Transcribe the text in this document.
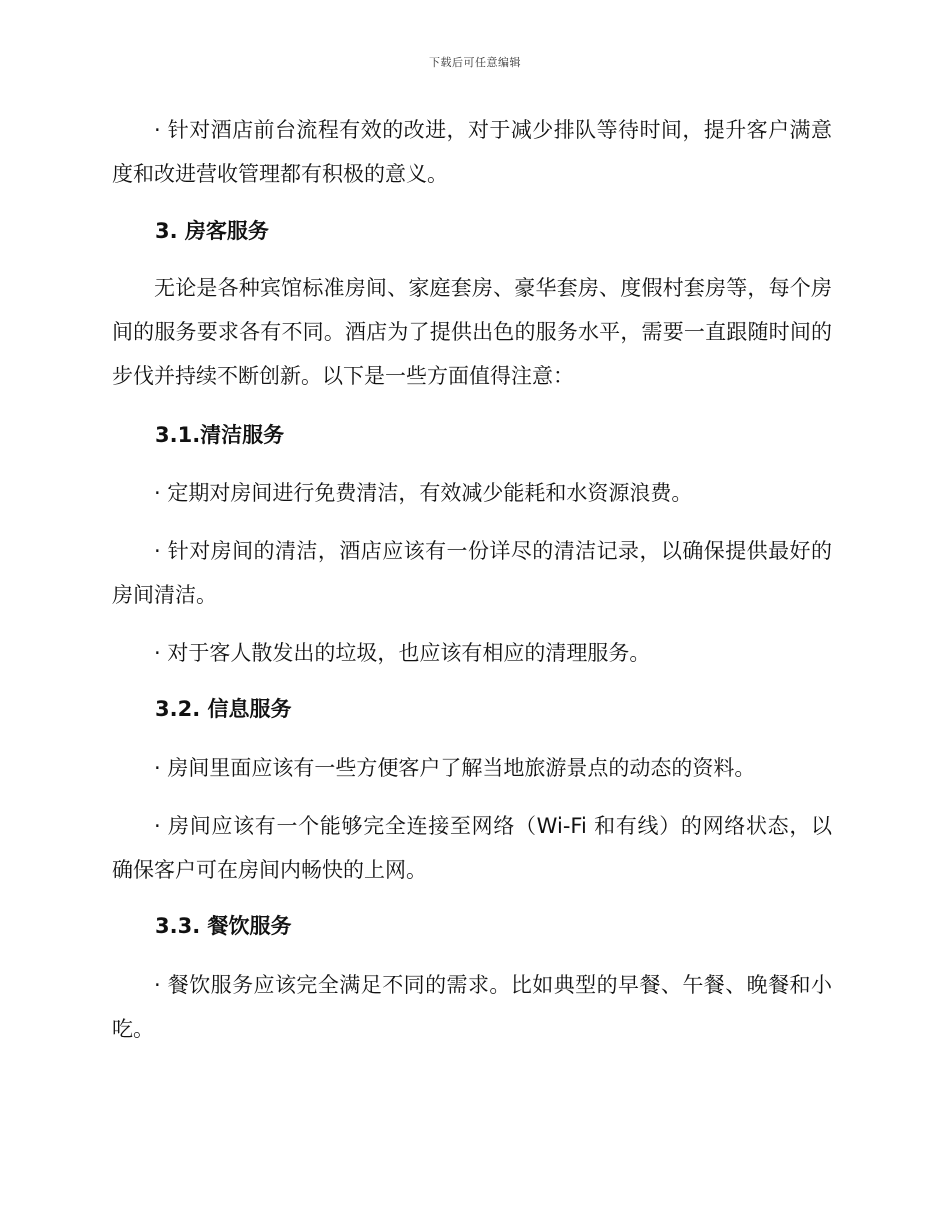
下载后可任意编辑

· 针对酒店前台流程有效的改进，对于减少排队等待时间，提升客户满意度和改进营收管理都有积极的意义。

3. 房客服务

无论是各种宾馆标准房间、家庭套房、豪华套房、度假村套房等，每个房间的服务要求各有不同。酒店为了提供出色的服务水平，需要一直跟随时间的步伐并持续不断创新。以下是一些方面值得注意：

3.1.清洁服务

· 定期对房间进行免费清洁，有效减少能耗和水资源浪费。

· 针对房间的清洁，酒店应该有一份详尽的清洁记录，以确保提供最好的房间清洁。

· 对于客人散发出的垃圾，也应该有相应的清理服务。

3.2. 信息服务

· 房间里面应该有一些方便客户了解当地旅游景点的动态的资料。

· 房间应该有一个能够完全连接至网络（Wi-Fi 和有线）的网络状态，以确保客户可在房间内畅快的上网。

3.3. 餐饮服务

· 餐饮服务应该完全满足不同的需求。比如典型的早餐、午餐、晚餐和小吃。
